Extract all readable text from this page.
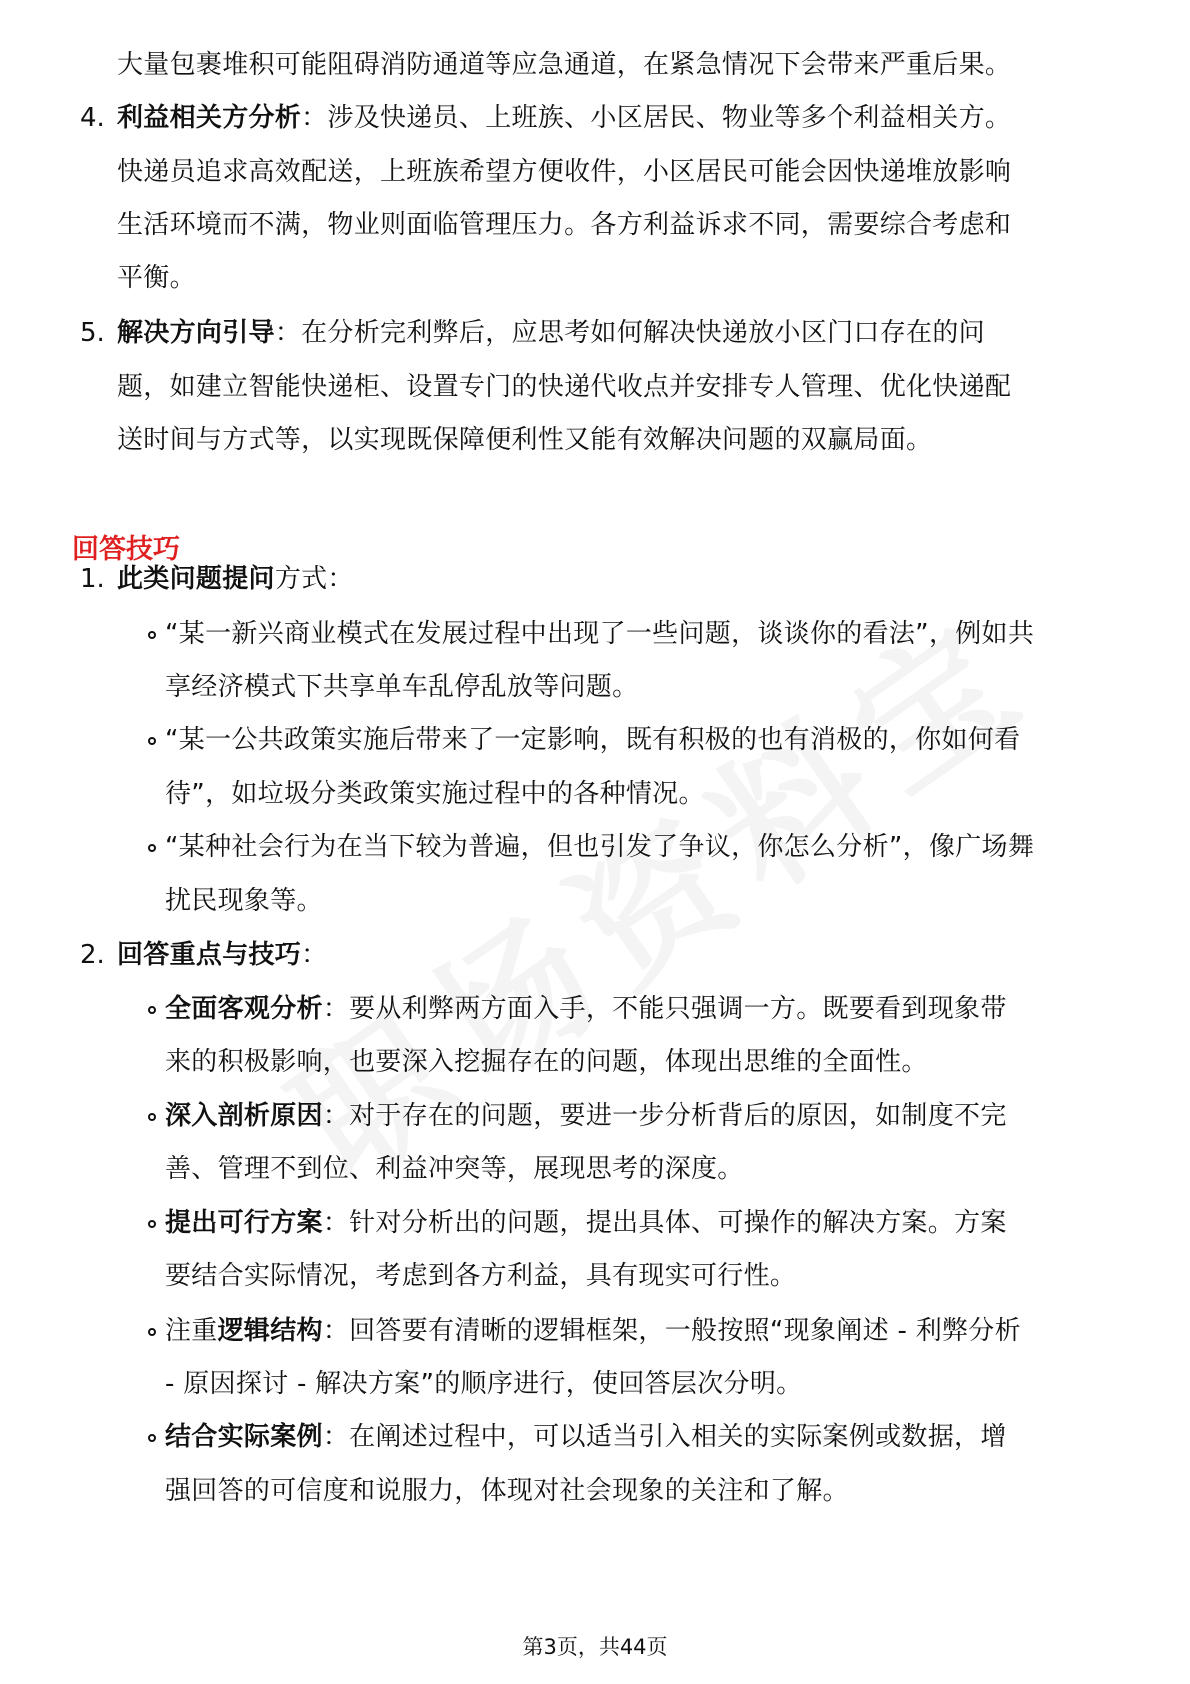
大量包裹堆积可能阻碍消防通道等应急通道，在紧急情况下会带来严重后果。
4. 利益相关方分析：涉及快递员、上班族、小区居民、物业等多个利益相关方。
快递员追求高效配送，上班族希望方便收件，小区居民可能会因快递堆放影响
生活环境而不满，物业则面临管理压力。各方利益诉求不同，需要综合考虑和
平衡。
5. 解决方向引导：在分析完利弊后，应思考如何解决快递放小区门口存在的问
题，如建立智能快递柜、设置专门的快递代收点并安排专人管理、优化快递配
送时间与方式等，以实现既保障便利性又能有效解决问题的双赢局面。
回答技巧
1. 此类问题提问方式：
“某一新兴商业模式在发展过程中出现了一些问题，谈谈你的看法”，例如共
享经济模式下共享单车乱停乱放等问题。
“某一公共政策实施后带来了一定影响，既有积极的也有消极的，你如何看
待”，如垃圾分类政策实施过程中的各种情况。
“某种社会行为在当下较为普遍，但也引发了争议，你怎么分析”，像广场舞
扰民现象等。
2. 回答重点与技巧：
全面客观分析：要从利弊两方面入手，不能只强调一方。既要看到现象带
来的积极影响，也要深入挖掘存在的问题，体现出思维的全面性。
深入剖析原因：对于存在的问题，要进一步分析背后的原因，如制度不完
善、管理不到位、利益冲突等，展现思考的深度。
提出可行方案：针对分析出的问题，提出具体、可操作的解决方案。方案
要结合实际情况，考虑到各方利益，具有现实可行性。
注重逻辑结构：回答要有清晰的逻辑框架，一般按照“现象阐述 - 利弊分析
- 原因探讨 - 解决方案”的顺序进行，使回答层次分明。
结合实际案例：在阐述过程中，可以适当引入相关的实际案例或数据，增
强回答的可信度和说服力，体现对社会现象的关注和了解。
第3页，共44页
